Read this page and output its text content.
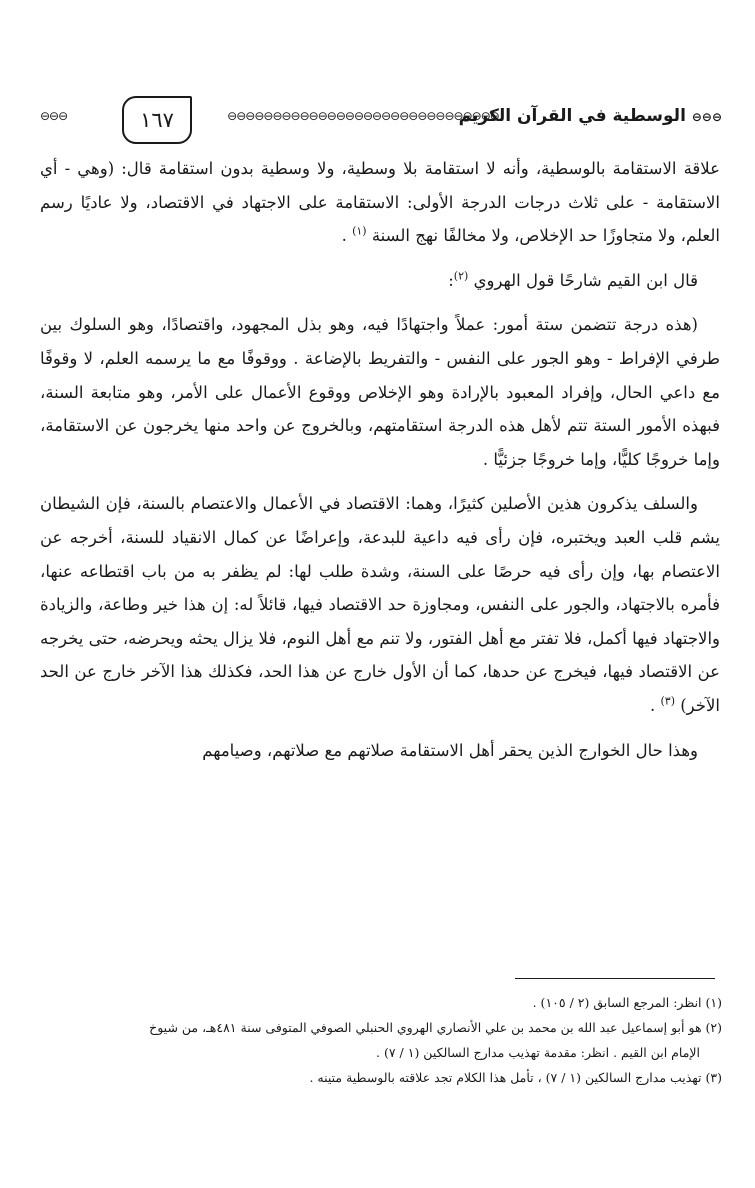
⊖⊖⊖ الوسطية في القرآن الكريم
⊖⊖⊖⊖⊖⊖⊖⊖⊖⊖⊖⊖⊖⊖⊖⊖⊖⊖⊖⊖⊖⊖⊖⊖⊖⊖⊖⊖⊖⊖
١٦٧
⊖⊖⊖

علاقة الاستقامة بالوسطية، وأنه لا استقامة بلا وسطية، ولا وسطية بدون استقامة قال: (وهي - أي الاستقامة - على ثلاث درجات الدرجة الأولى: الاستقامة على الاجتهاد في الاقتصاد، ولا عاديًا رسم العلم، ولا متجاوزًا حد الإخلاص، ولا مخالفًا نهج السنة $^{(١)}$ .

قال ابن القيم شارحًا قول الهروي $^{(٢)}$:

(هذه درجة تتضمن ستة أمور: عملاً واجتهادًا فيه، وهو بذل المجهود، واقتصادًا، وهو السلوك بين طرفي الإفراط - وهو الجور على النفس - والتفريط بالإضاعة . ووقوفًا مع ما يرسمه العلم، لا وقوفًا مع داعي الحال، وإفراد المعبود بالإرادة وهو الإخلاص ووقوع الأعمال على الأمر، وهو متابعة السنة، فبهذه الأمور الستة تتم لأهل هذه الدرجة استقامتهم، وبالخروج عن واحد منها يخرجون عن الاستقامة، وإما خروجًا كليًّا، وإما خروجًا جزئيًّا .

والسلف يذكرون هذين الأصلين كثيرًا، وهما: الاقتصاد في الأعمال والاعتصام بالسنة، فإن الشيطان يشم قلب العبد ويختبره، فإن رأى فيه داعية للبدعة، وإعراضًا عن كمال الانقياد للسنة، أخرجه عن الاعتصام بها، وإن رأى فيه حرصًا على السنة، وشدة طلب لها: لم يظفر به من باب اقتطاعه عنها، فأمره بالاجتهاد، والجور على النفس، ومجاوزة حد الاقتصاد فيها، قائلاً له: إن هذا خير وطاعة، والزيادة والاجتهاد فيها أكمل، فلا تفتر مع أهل الفتور، ولا تنم مع أهل النوم، فلا يزال يحثه ويحرضه، حتى يخرجه عن الاقتصاد فيها، فيخرج عن حدها، كما أن الأول خارج عن هذا الحد، فكذلك هذا الآخر خارج عن الحد الآخر) $^{(٣)}$ .

وهذا حال الخوارج الذين يحقر أهل الاستقامة صلاتهم مع صلاتهم، وصيامهم

(١) انظر: المرجع السابق (٢ / ١٠٥) .

(٢) هو أبو إسماعيل عبد الله بن محمد بن علي الأنصاري الهروي الحنبلي الصوفي المتوفى سنة ٤٨١هـ، من شيوخ

الإمام ابن القيم . انظر: مقدمة تهذيب مدارج السالكين (١ / ٧) .

(٣) تهذيب مدارج السالكين (١ / ٧) ، تأمل هذا الكلام تجد علاقته بالوسطية متينه .
